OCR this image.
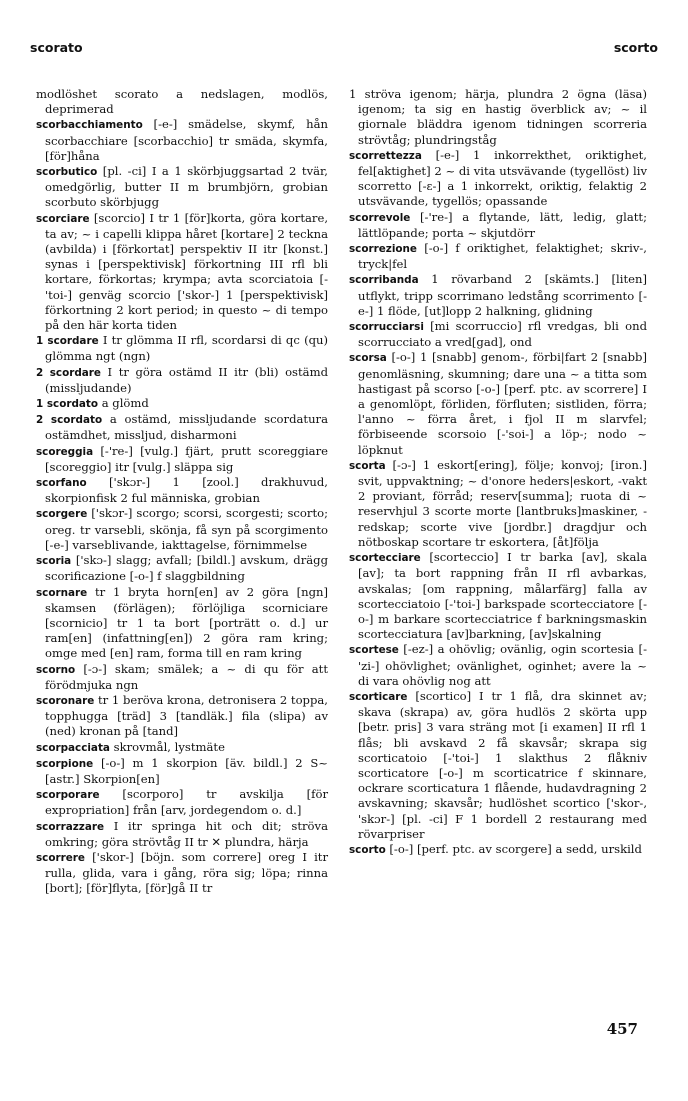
scorato	scorto

modlöshet scorato a nedslagen, modlös, deprimerad

scorbacchiamento [-e-] smädelse, skymf, hån scorbacchiare [scorbacchio] tr smäda, skymfa, [för]håna

scorbutico [pl. -ci] I a 1 skörbjuggsartad 2 tvär, omedgörlig, butter II m brumbjörn, grobian scorbuto skörbjugg

scorciare [scorcio] I tr 1 [för]korta, göra kortare, ta av; ~ i capelli klippa håret [kortare] 2 teckna (avbilda) i [förkortat] perspektiv II itr [konst.] synas i [perspektivisk] förkortning III rfl bli kortare, förkortas; krympa; avta scorciatoia [-'toi-] genväg scorcio ['skor-] 1 [perspektivisk] förkortning 2 kort period; in questo ~ di tempo på den här korta tiden

1 scordare I tr glömma II rfl, scordarsi di qc (qu) glömma ngt (ngn)

2 scordare I tr göra ostämd II itr (bli) ostämd (missljudande)

1 scordato a glömd

2 scordato a ostämd, missljudande scordatura ostämdhet, missljud, disharmoni

scoreggia [-'re-] [vulg.] fjärt, prutt scoreggiare [scoreggio] itr [vulg.] släppa sig

scorfano ['skɔr-] 1 [zool.] drakhuvud, skorpionfisk 2 ful människa, grobian

scorgere ['skɔr-] scorgo; scorsi, scorgesti; scorto; oreg. tr varsebli, skönja, få syn på scorgimento [-e-] varseblivande, iakttagelse, förnimmelse

scoria ['skɔ-] slagg; avfall; [bildl.] avskum, drägg scorificazione [-o-] f slaggbildning

scornare tr 1 bryta horn[en] av 2 göra [ngn] skamsen (förlägen); förlöjliga scorniciare [scornicio] tr 1 ta bort [porträtt o. d.] ur ram[en] (infattning[en]) 2 göra ram kring; omge med [en] ram, forma till en ram kring

scorno [-ɔ-] skam; smälek; a ~ di qu för att förödmjuka ngn

scoronare tr 1 beröva krona, detronisera 2 toppa, topphugga [träd] 3 [tandläk.] fila (slipa) av (ned) kronan på [tand]

scorpacciata skrovmål, lystmäte

scorpione [-o-] m 1 skorpion [äv. bildl.] 2 S~ [astr.] Skorpion[en]

scorporare [scorporo] tr avskilja [för expropriation] från [arv, jordegendom o. d.]

scorrazzare I itr springa hit och dit; ströva omkring; göra strövtåg II tr ✕ plundra, härja

scorrere ['skor-] [böjn. som correre] oreg I itr rulla, glida, vara i gång, röra sig; löpa; rinna [bort]; [för]flyta, [för]gå II tr

1 ströva igenom; härja, plundra 2 ögna (läsa) igenom; ta sig en hastig överblick av; ~ il giornale bläddra igenom tidningen scorreria strövtåg; plundringståg

scorrettezza [-e-] 1 inkorrekthet, oriktighet, fel[aktighet] 2 ~ di vita utsvävande (tygellöst) liv scorretto [-ɛ-] a 1 inkorrekt, oriktig, felaktig 2 utsvävande, tygellös; opassande

scorrevole [-'re-] a flytande, lätt, ledig, glatt; lättlöpande; porta ~ skjutdörr

scorrezione [-o-] f oriktighet, felaktighet; skriv-, tryck|fel

scorribanda 1 rövarband 2 [skämts.] [liten] utflykt, tripp scorrimano ledstång scorrimento [-e-] 1 flöde, [ut]lopp 2 halkning, glidning

scorrucciarsi [mi scorruccio] rfl vredgas, bli ond scorrucciato a vred[gad], ond

scorsa [-o-] 1 [snabb] genom-, förbi|fart 2 [snabb] genomläsning, skumning; dare una ~ a titta som hastigast på scorso [-o-] [perf. ptc. av scorrere] I a genomlöpt, förliden, förfluten; sistliden, förra; l'anno ~ förra året, i fjol II m slarvfel; förbiseende scorsoio [-'soi-] a löp-; nodo ~ löpknut

scorta [-ɔ-] 1 eskort[ering], följe; konvoj; [iron.] svit, uppvaktning; ~ d'onore heders|eskort, -vakt 2 proviant, förråd; reserv[summa]; ruota di ~ reservhjul 3 scorte morte [lantbruks]maskiner, -redskap; scorte vive [jordbr.] dragdjur och nötboskap scortare tr eskortera, [åt]följa

scortecciare [scorteccio] I tr barka [av], skala [av]; ta bort rappning från II rfl avbarkas, avskalas; [om rappning, målarfärg] falla av scortecciatoio [-'toi-] barkspade scortecciatore [-o-] m barkare scortecciatrice f barkningsmaskin scortecciatura [av]barkning, [av]skalning

scortese [-ez-] a ohövlig; ovänlig, ogin scortesia [-'zi-] ohövlighet; ovänlighet, oginhet; avere la ~ di vara ohövlig nog att

scorticare [scortico] I tr 1 flå, dra skinnet av; skava (skrapa) av, göra hudlös 2 skörta upp [betr. pris] 3 vara sträng mot [i examen] II rfl 1 flås; bli avskavd 2 få skavsår; skrapa sig scorticatoio [-'toi-] 1 slakthus 2 flåkniv scorticatore [-o-] m scorticatrice f skinnare, ockrare scorticatura 1 flående, hudavdragning 2 avskavning; skavsår; hudlöshet scortico ['skor-, 'skɔr-] [pl. -ci] F 1 bordell 2 restaurang med rövarpriser

scorto [-o-] [perf. ptc. av scorgere] a sedd, urskild

457
